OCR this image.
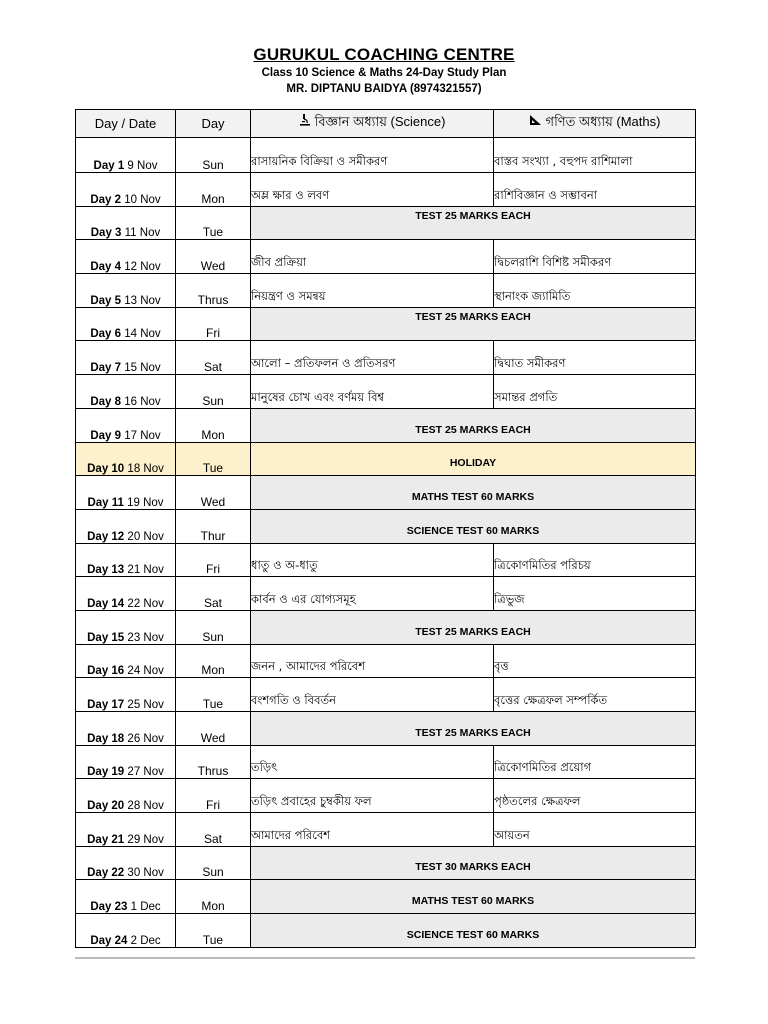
GURUKUL COACHING CENTRE
Class 10 Science & Maths 24-Day Study Plan
MR. DIPTANU BAIDYA (8974321557)
Day / Date	Day	বিজ্ঞান অধ্যায় (Science)	গণিত অধ্যায় (Maths)
Day 1 9 Nov	Sun	রাসায়নিক বিক্রিয়া ও সমীকরণ	বাস্তব সংখ্যা , বহুপদ রাশিমালা
Day 2 10 Nov	Mon	অম্ল ক্ষার ও লবণ	রাশিবিজ্ঞান ও সম্ভাবনা
Day 3 11 Nov	Tue	TEST 25 MARKS EACH	
Day 4 12 Nov	Wed	জীব প্রক্রিয়া	দ্বিচলরাশি বিশিষ্ট সমীকরণ
Day 5 13 Nov	Thrus	নিয়ন্ত্রণ ও সমন্বয়	স্থানাংক জ্যামিতি
Day 6 14 Nov	Fri	TEST 25 MARKS EACH	
Day 7 15 Nov	Sat	আলো – প্রতিফলন ও প্রতিসরণ	দ্বিঘাত সমীকরণ
Day 8 16 Nov	Sun	মানুষের চোখ এবং বর্ণময় বিশ্ব	সমান্তর প্রগতি
Day 9 17 Nov	Mon	TEST 25 MARKS EACH	
Day 10 18 Nov	Tue	HOLIDAY	
Day 11 19 Nov	Wed	MATHS TEST 60 MARKS	
Day 12 20 Nov	Thur	SCIENCE TEST 60 MARKS	
Day 13 21 Nov	Fri	ধাতু ও অ-ধাতু	ত্রিকোণমিতির পরিচয়
Day 14 22 Nov	Sat	কার্বন ও এর যোগ্যসমূহ	ত্রিভুজ
Day 15 23 Nov	Sun	TEST 25 MARKS EACH	
Day 16 24 Nov	Mon	জনন , আমাদের পরিবেশ	বৃত্ত
Day 17 25 Nov	Tue	বংশগতি ও বিবর্তন	বৃত্তের ক্ষেত্রফল সম্পর্কিত
Day 18 26 Nov	Wed	TEST 25 MARKS EACH	
Day 19 27 Nov	Thrus	তড়িৎ	ত্রিকোণমিতির প্রয়োগ
Day 20 28 Nov	Fri	তড়িৎ প্রবাহের চুম্বকীয় ফল	পৃষ্ঠতলের ক্ষেত্রফল
Day 21 29 Nov	Sat	আমাদের পরিবেশ	আয়তন
Day 22 30 Nov	Sun	TEST 30 MARKS EACH	
Day 23 1 Dec	Mon	MATHS TEST 60 MARKS	
Day 24 2 Dec	Tue	SCIENCE TEST 60 MARKS	
